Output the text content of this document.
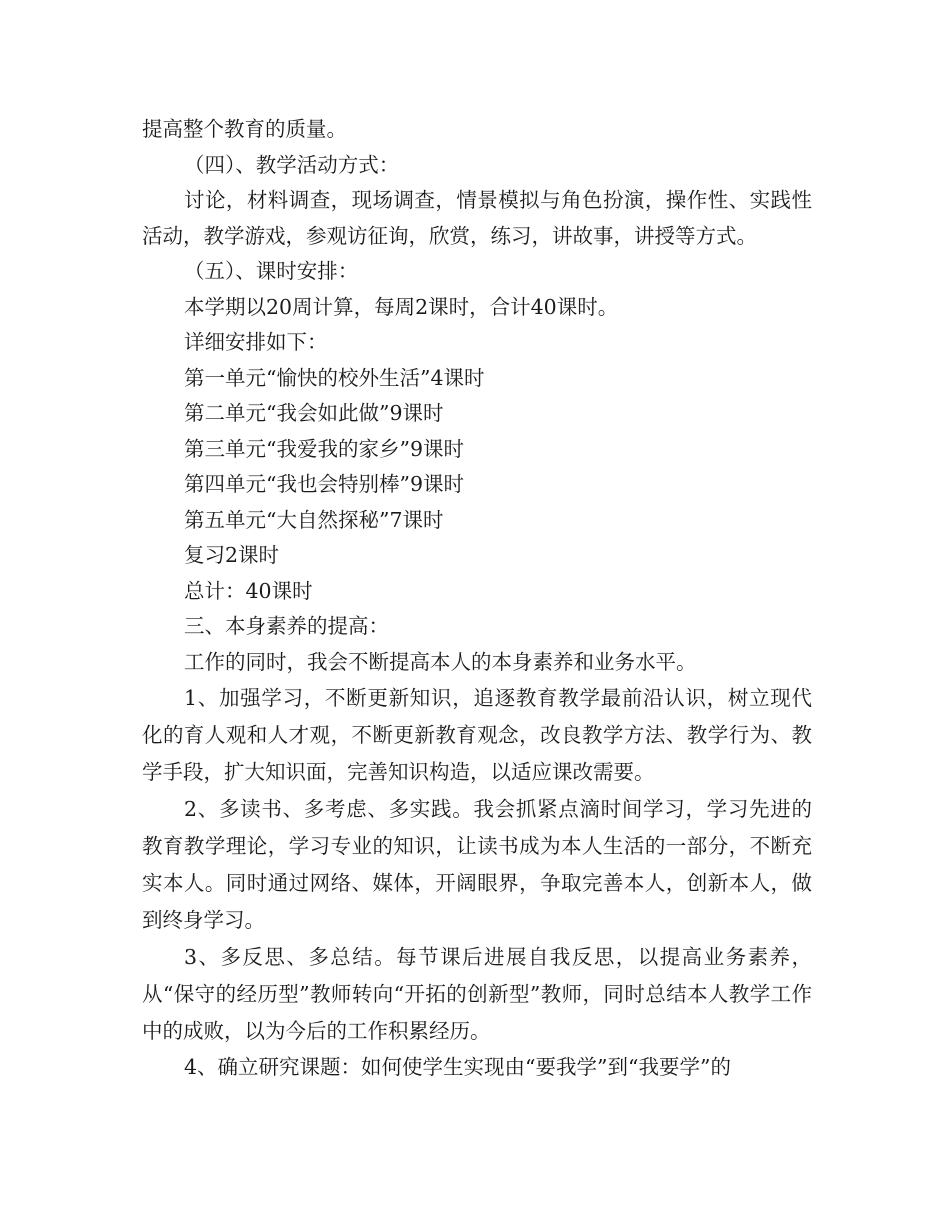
提高整个教育的质量。

（四）、教学活动方式：

讨论，材料调查，现场调查，情景模拟与角色扮演，操作性、实践性活动，教学游戏，参观访征询，欣赏，练习，讲故事，讲授等方式。

（五）、课时安排：

本学期以20周计算，每周2课时，合计40课时。

详细安排如下：

第一单元“愉快的校外生活”4课时

第二单元“我会如此做”9课时

第三单元“我爱我的家乡”9课时

第四单元“我也会特别棒”9课时

第五单元“大自然探秘”7课时

复习2课时

总计：40课时

三、本身素养的提高：

工作的同时，我会不断提高本人的本身素养和业务水平。

1、加强学习，不断更新知识，追逐教育教学最前沿认识，树立现代化的育人观和人才观，不断更新教育观念，改良教学方法、教学行为、教学手段，扩大知识面，完善知识构造，以适应课改需要。

2、多读书、多考虑、多实践。我会抓紧点滴时间学习，学习先进的教育教学理论，学习专业的知识，让读书成为本人生活的一部分，不断充实本人。同时通过网络、媒体，开阔眼界，争取完善本人，创新本人，做到终身学习。

3、多反思、多总结。每节课后进展自我反思，以提高业务素养，从“保守的经历型”教师转向“开拓的创新型”教师，同时总结本人教学工作中的成败，以为今后的工作积累经历。

4、确立研究课题：如何使学生实现由“要我学”到“我要学”的
